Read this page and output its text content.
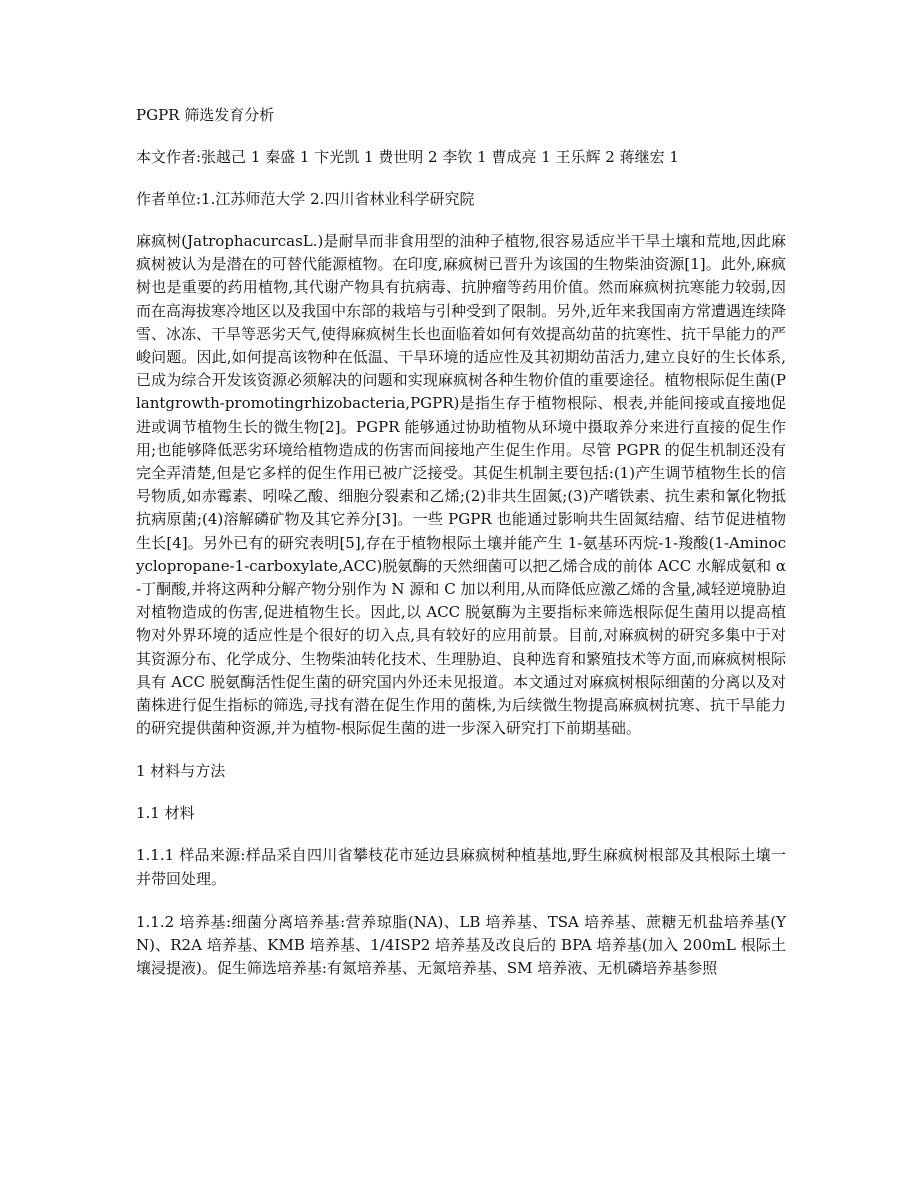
PGPR 筛选发育分析

本文作者:张越己 1 秦盛 1 卞光凯 1 费世明 2 李钦 1 曹成亮 1 王乐辉 2 蒋继宏 1

作者单位:1.江苏师范大学 2.四川省林业科学研究院

麻疯树(JatrophacurcasL.)是耐旱而非食用型的油种子植物,很容易适应半干旱土壤和荒地,因此麻疯树被认为是潜在的可替代能源植物。在印度,麻疯树已晋升为该国的生物柴油资源[1]。此外,麻疯树也是重要的药用植物,其代谢产物具有抗病毒、抗肿瘤等药用价值。然而麻疯树抗寒能力较弱,因而在高海拔寒冷地区以及我国中东部的栽培与引种受到了限制。另外,近年来我国南方常遭遇连续降雪、冰冻、干旱等恶劣天气,使得麻疯树生长也面临着如何有效提高幼苗的抗寒性、抗干旱能力的严峻问题。因此,如何提高该物种在低温、干旱环境的适应性及其初期幼苗活力,建立良好的生长体系,已成为综合开发该资源必须解决的问题和实现麻疯树各种生物价值的重要途径。植物根际促生菌(Plantgrowth-promotingrhizobacteria,PGPR)是指生存于植物根际、根表,并能间接或直接地促进或调节植物生长的微生物[2]。PGPR 能够通过协助植物从环境中摄取养分来进行直接的促生作用;也能够降低恶劣环境给植物造成的伤害而间接地产生促生作用。尽管 PGPR 的促生机制还没有完全弄清楚,但是它多样的促生作用已被广泛接受。其促生机制主要包括:(1)产生调节植物生长的信号物质,如赤霉素、吲哚乙酸、细胞分裂素和乙烯;(2)非共生固氮;(3)产嗜铁素、抗生素和氰化物抵抗病原菌;(4)溶解磷矿物及其它养分[3]。一些 PGPR 也能通过影响共生固氮结瘤、结节促进植物生长[4]。另外已有的研究表明[5],存在于植物根际土壤并能产生 1-氨基环丙烷-1-羧酸(1-Aminocyclopropane-1-carboxylate,ACC)脱氨酶的天然细菌可以把乙烯合成的前体 ACC 水解成氨和 α-丁酮酸,并将这两种分解产物分别作为 N 源和 C 加以利用,从而降低应激乙烯的含量,减轻逆境胁迫对植物造成的伤害,促进植物生长。因此,以 ACC 脱氨酶为主要指标来筛选根际促生菌用以提高植物对外界环境的适应性是个很好的切入点,具有较好的应用前景。目前,对麻疯树的研究多集中于对其资源分布、化学成分、生物柴油转化技术、生理胁迫、良种选育和繁殖技术等方面,而麻疯树根际具有 ACC 脱氨酶活性促生菌的研究国内外还未见报道。本文通过对麻疯树根际细菌的分离以及对菌株进行促生指标的筛选,寻找有潜在促生作用的菌株,为后续微生物提高麻疯树抗寒、抗干旱能力的研究提供菌种资源,并为植物-根际促生菌的进一步深入研究打下前期基础。

1 材料与方法

1.1 材料

1.1.1 样品来源:样品采自四川省攀枝花市延边县麻疯树种植基地,野生麻疯树根部及其根际土壤一并带回处理。

1.1.2 培养基:细菌分离培养基:营养琼脂(NA)、LB 培养基、TSA 培养基、蔗糖无机盐培养基(YN)、R2A 培养基、KMB 培养基、1/4ISP2 培养基及改良后的 BPA 培养基(加入 200mL 根际土壤浸提液)。促生筛选培养基:有氮培养基、无氮培养基、SM 培养液、无机磷培养基参照
